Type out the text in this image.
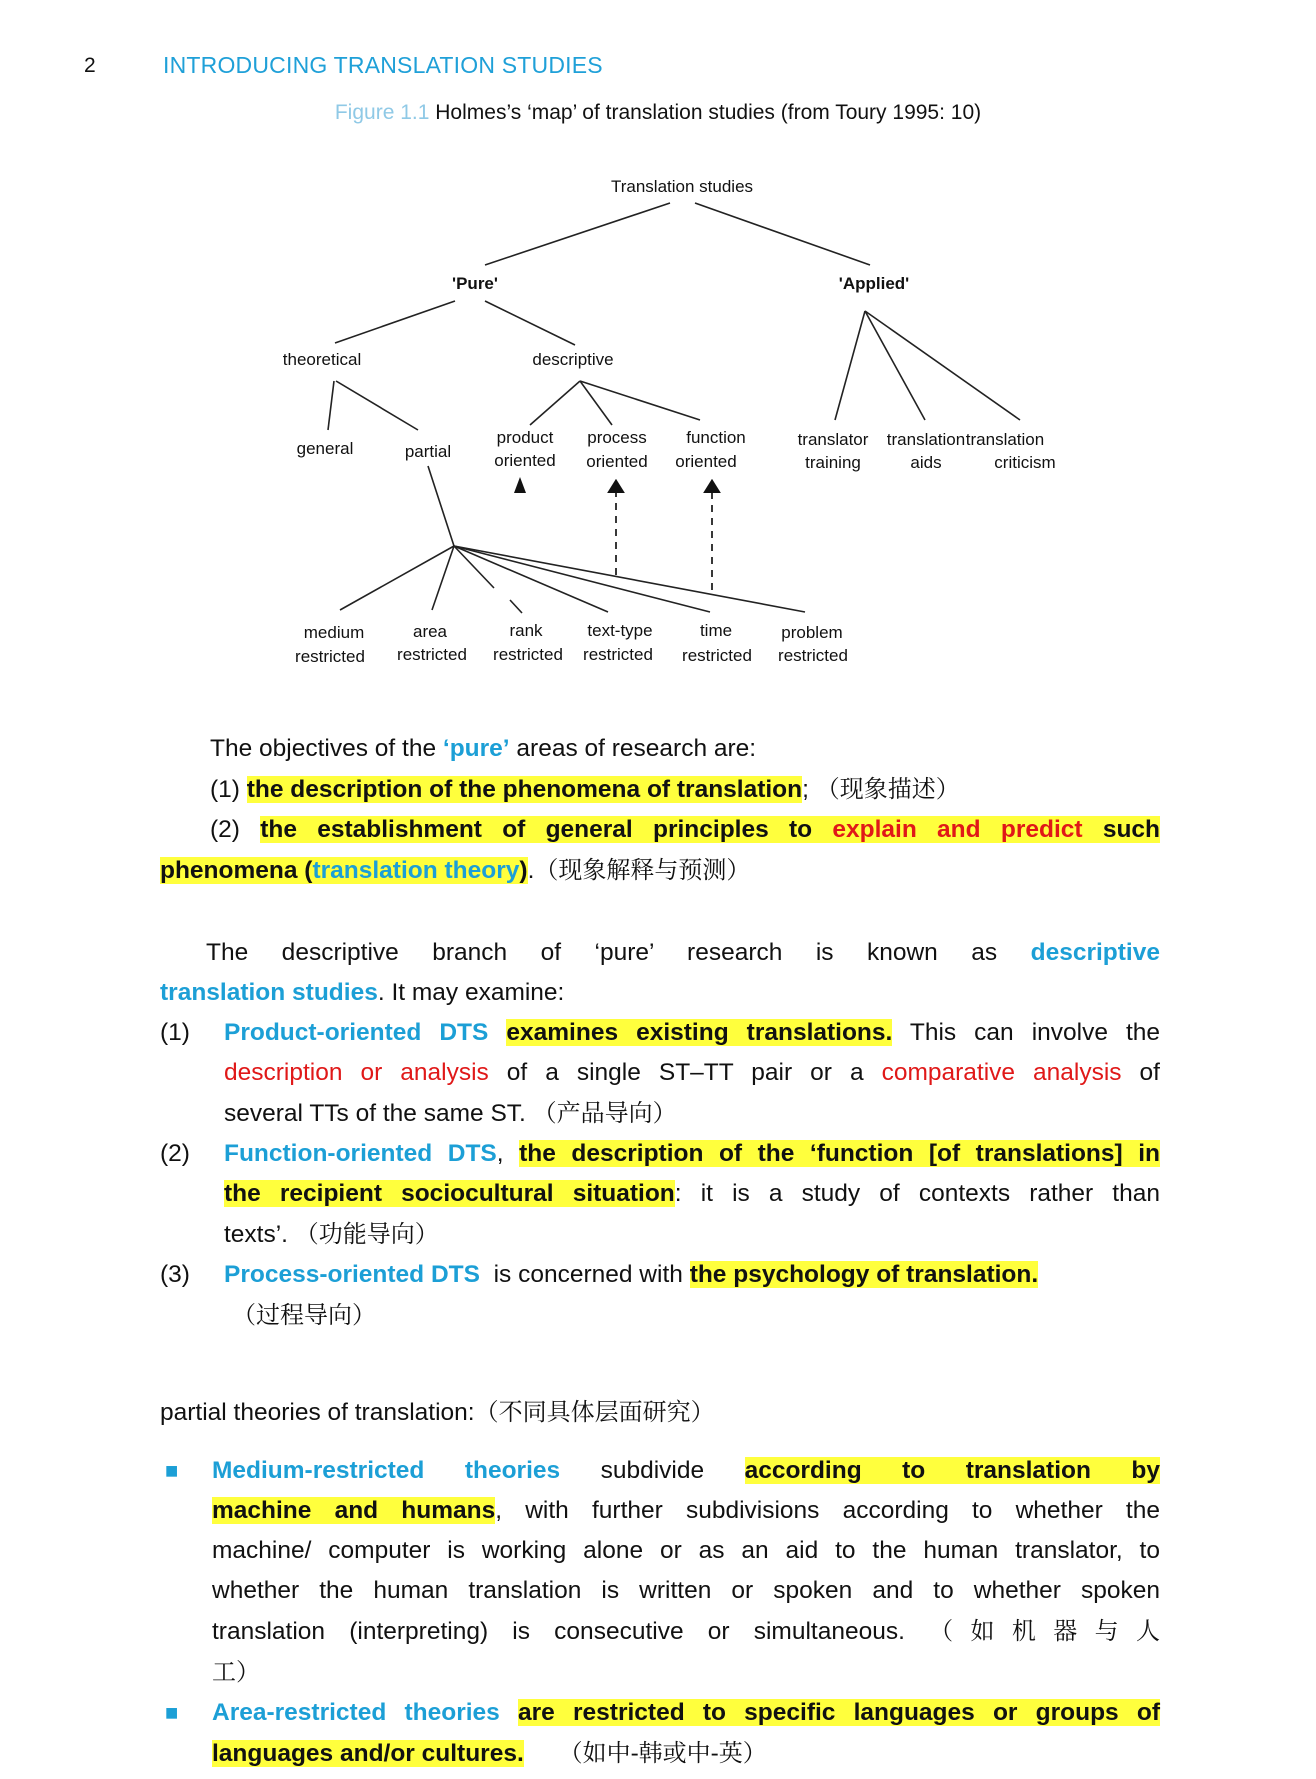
2	INTRODUCING TRANSLATION STUDIES
Figure 1.1 Holmes’s ‘map’ of translation studies (from Toury 1995: 10)
Translation studies
'Pure'	'Applied'
theoretical	descriptive
general	partial
product
oriented
process
oriented
function
oriented
translator
training
translation
aids
translation
criticism
medium
restricted
area
restricted
rank
restricted
text-type
restricted
time
restricted
problem
restricted
The objectives of the ‘pure’ areas of research are:
(1) the description of the phenomena of translation; （现象描述）
(2) the establishment of general principles to explain and predict such
phenomena (translation theory).（现象解释与预测）
The descriptive branch of ‘pure’ research is known as descriptive
translation studies. It may examine:
(1) Product-oriented DTS examines existing translations. This can involve the
description or analysis of a single ST–TT pair or a comparative analysis of
several TTs of the same ST. （产品导向）
(2) Function-oriented DTS, the description of the ‘function [of translations] in
the recipient sociocultural situation: it is a study of contexts rather than
texts’. （功能导向）
(3) Process-oriented DTS  is concerned with the psychology of translation.
（过程导向）
partial theories of translation:（不同具体层面研究）
■ Medium-restricted theories subdivide according to translation by
machine and humans, with further subdivisions according to whether the
machine/ computer is working alone or as an aid to the human translator, to
whether the human translation is written or spoken and to whether spoken
translation (interpreting) is consecutive or simultaneous. （如机器与人
工）
■ Area-restricted theories are restricted to specific languages or groups of
languages and/or cultures. （如中-韩或中-英）
